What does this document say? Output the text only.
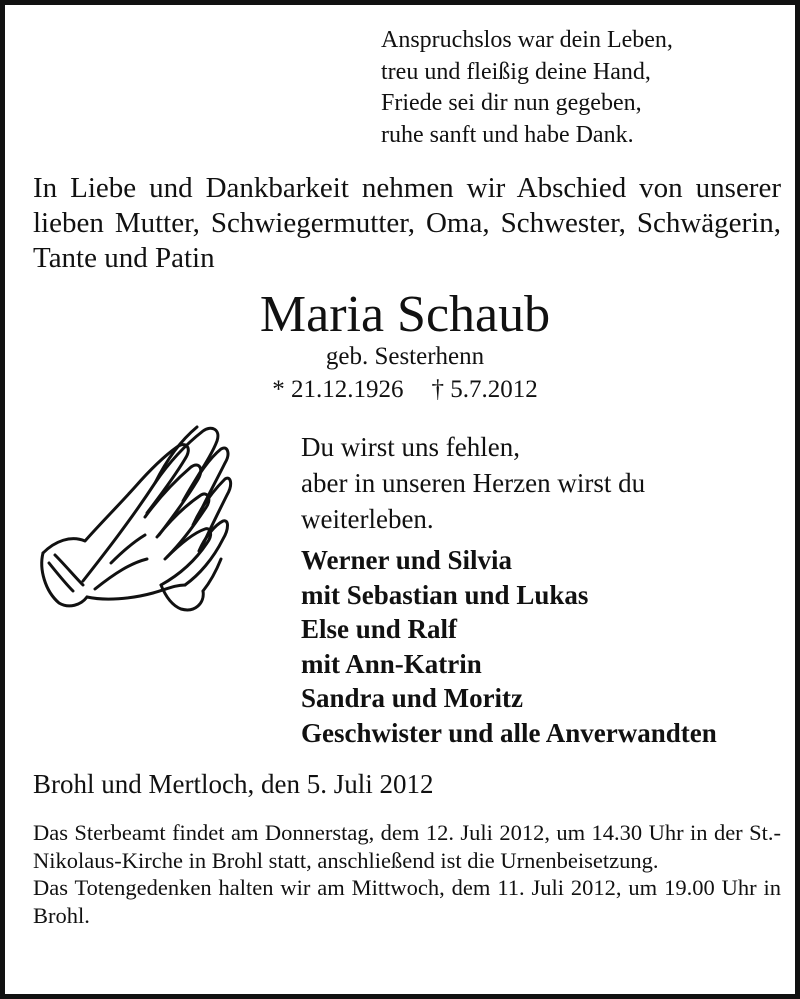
Anspruchslos war dein Leben,
treu und fleißig deine Hand,
Friede sei dir nun gegeben,
ruhe sanft und habe Dank.
In Liebe und Dankbarkeit nehmen wir Abschied von unserer lieben Mutter, Schwiegermutter, Oma, Schwester, Schwägerin, Tante und Patin
Maria Schaub
geb. Sesterhenn
* 21.12.1926 † 5.7.2012
Du wirst uns fehlen,
aber in unseren Herzen wirst du
weiterleben.
Werner und Silvia
mit Sebastian und Lukas
Else und Ralf
mit Ann-Katrin
Sandra und Moritz
Geschwister und alle Anverwandten
Brohl und Mertloch, den 5. Juli 2012

Das Sterbeamt findet am Donnerstag, dem 12. Juli 2012, um 14.30 Uhr in der St.-Nikolaus-Kirche in Brohl statt, anschließend ist die Urnenbeisetzung.

Das Totengedenken halten wir am Mittwoch, dem 11. Juli 2012, um 19.00 Uhr in Brohl.
